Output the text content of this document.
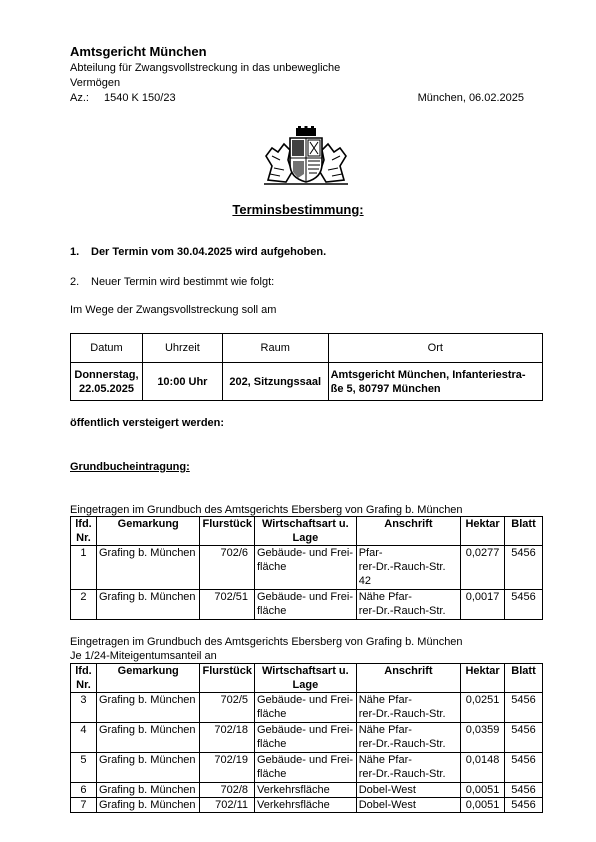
Amtsgericht München
Abteilung für Zwangsvollstreckung in das unbewegliche Vermögen
Az.: 1540 K 150/23	München, 06.02.2025
Terminsbestimmung:
1. Der Termin vom 30.04.2025 wird aufgehoben.
2. Neuer Termin wird bestimmt wie folgt:
Im Wege der Zwangsvollstreckung soll am
Datum	Uhrzeit	Raum	Ort
Donnerstag,
22.05.2025	10:00 Uhr	202, Sitzungssaal	Amtsgericht München, Infanteriestra-
ße 5, 80797 München
öffentlich versteigert werden:
Grundbucheintragung:
Eingetragen im Grundbuch des Amtsgerichts Ebersberg von Grafing b. München
lfd.
Nr.	Gemarkung	Flurstück	Wirtschaftsart u.
Lage	Anschrift	Hektar	Blatt
1	Grafing b. München	702/6	Gebäude- und Frei-
fläche	Pfar-
rer-Dr.-Rauch-Str.
42	0,0277	5456
2	Grafing b. München	702/51	Gebäude- und Frei-
fläche	Nähe Pfar-
rer-Dr.-Rauch-Str.	0,0017	5456
Eingetragen im Grundbuch des Amtsgerichts Ebersberg von Grafing b. München
Je 1/24-Miteigentumsanteil an
lfd.
Nr.	Gemarkung	Flurstück	Wirtschaftsart u.
Lage	Anschrift	Hektar	Blatt
3	Grafing b. München	702/5	Gebäude- und Frei-
fläche	Nähe Pfar-
rer-Dr.-Rauch-Str.	0,0251	5456
4	Grafing b. München	702/18	Gebäude- und Frei-
fläche	Nähe Pfar-
rer-Dr.-Rauch-Str.	0,0359	5456
5	Grafing b. München	702/19	Gebäude- und Frei-
fläche	Nähe Pfar-
rer-Dr.-Rauch-Str.	0,0148	5456
6	Grafing b. München	702/8	Verkehrsfläche	Dobel-West	0,0051	5456
7	Grafing b. München	702/11	Verkehrsfläche	Dobel-West	0,0051	5456
